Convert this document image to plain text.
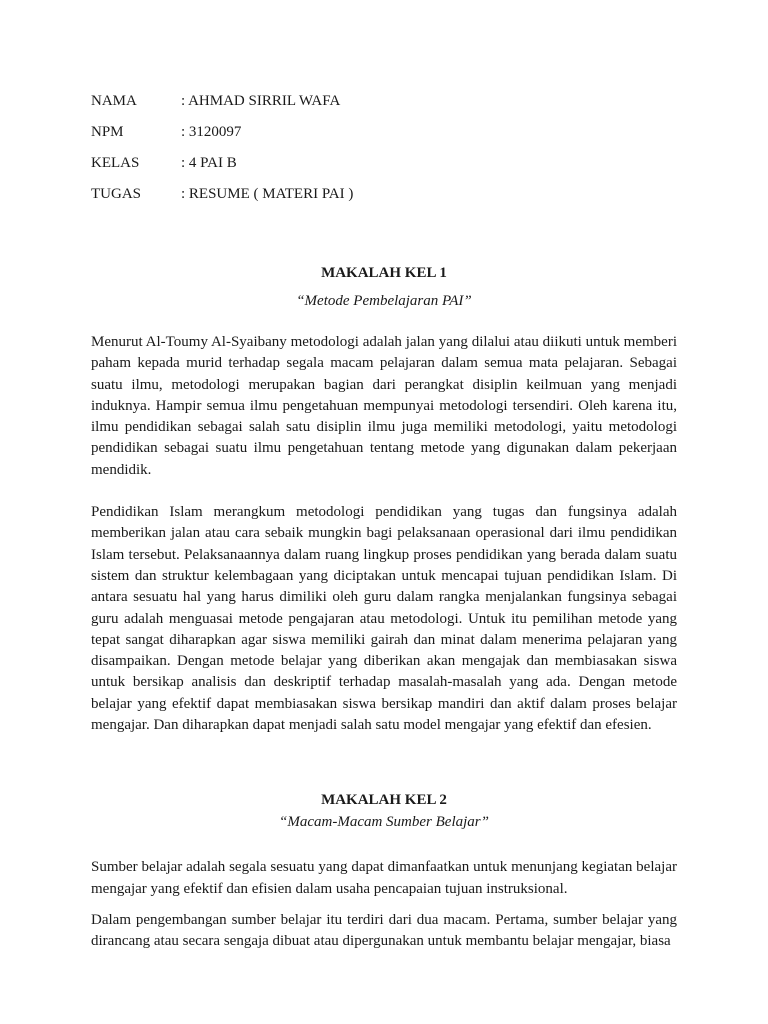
NAMA	: AHMAD SIRRIL WAFA
NPM	: 3120097
KELAS	: 4 PAI B
TUGAS	: RESUME ( MATERI PAI )

MAKALAH KEL 1

“Metode Pembelajaran PAI”

Menurut Al-Toumy Al-Syaibany metodologi adalah jalan yang dilalui atau diikuti untuk memberi paham kepada murid terhadap segala macam pelajaran dalam semua mata pelajaran. Sebagai suatu ilmu, metodologi merupakan bagian dari perangkat disiplin keilmuan yang menjadi induknya. Hampir semua ilmu pengetahuan mempunyai metodologi tersendiri. Oleh karena itu, ilmu pendidikan sebagai salah satu disiplin ilmu juga memiliki metodologi, yaitu metodologi pendidikan sebagai suatu ilmu pengetahuan tentang metode yang digunakan dalam pekerjaan mendidik.

Pendidikan Islam merangkum metodologi pendidikan yang tugas dan fungsinya adalah memberikan jalan atau cara sebaik mungkin bagi pelaksanaan operasional dari ilmu pendidikan Islam tersebut. Pelaksanaannya dalam ruang lingkup proses pendidikan yang berada dalam suatu sistem dan struktur kelembagaan yang diciptakan untuk mencapai tujuan pendidikan Islam. Di antara sesuatu hal yang harus dimiliki oleh guru dalam rangka menjalankan fungsinya sebagai guru adalah menguasai metode pengajaran atau metodologi. Untuk itu pemilihan metode yang tepat sangat diharapkan agar siswa memiliki gairah dan minat dalam menerima pelajaran yang disampaikan. Dengan metode belajar yang diberikan akan mengajak dan membiasakan siswa untuk bersikap analisis dan deskriptif terhadap masalah-masalah yang ada. Dengan metode belajar yang efektif dapat membiasakan siswa bersikap mandiri dan aktif dalam proses belajar mengajar. Dan diharapkan dapat menjadi salah satu model mengajar yang efektif dan efesien.

MAKALAH KEL 2

“Macam-Macam Sumber Belajar”

Sumber belajar adalah segala sesuatu yang dapat dimanfaatkan untuk menunjang kegiatan belajar mengajar yang efektif dan efisien dalam usaha pencapaian tujuan instruksional.

Dalam pengembangan sumber belajar itu terdiri dari dua macam. Pertama, sumber belajar yang dirancang atau secara sengaja dibuat atau dipergunakan untuk membantu belajar mengajar, biasa
